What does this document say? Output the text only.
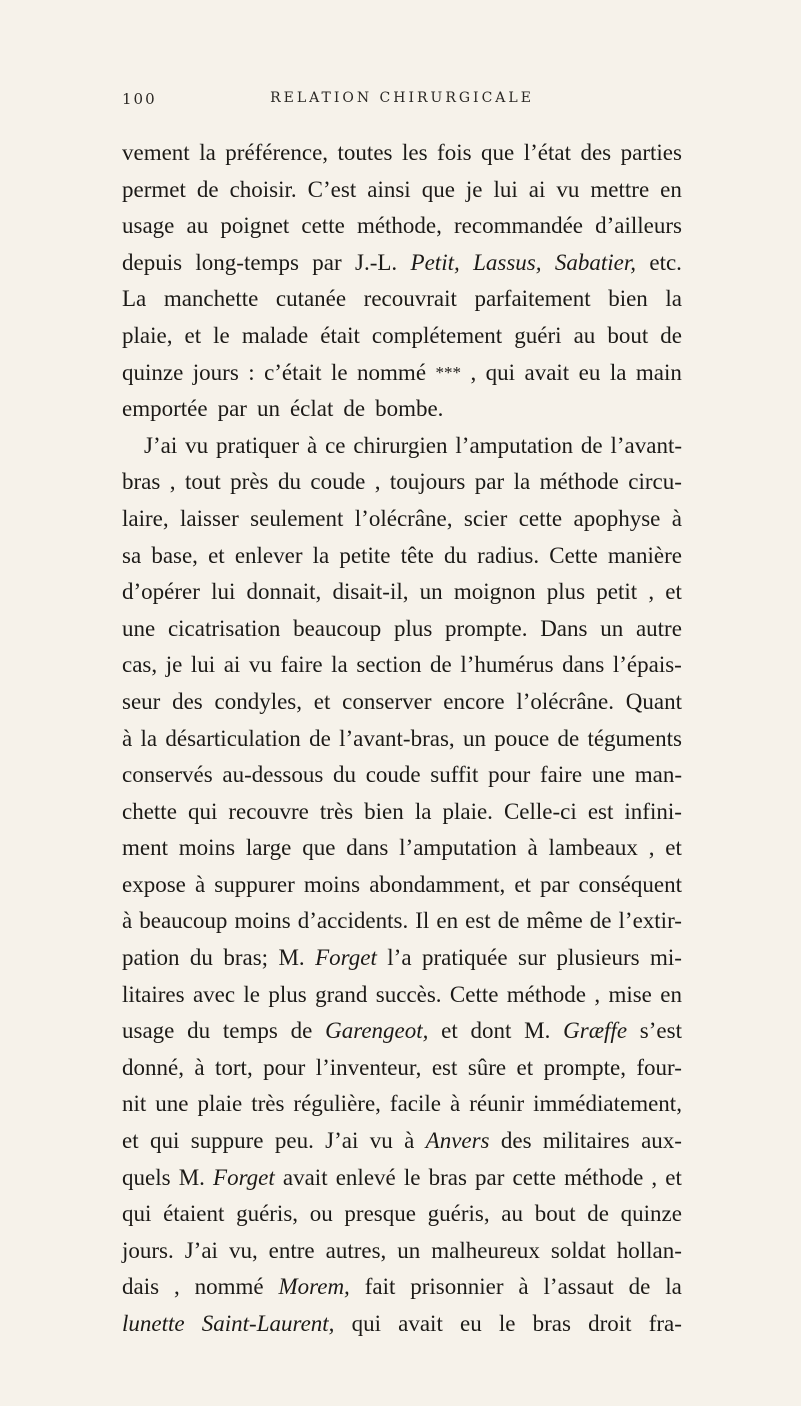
100	RELATION CHIRURGICALE
vement la préférence, toutes les fois que l’état des parties
permet de choisir. C’est ainsi que je lui ai vu mettre en
usage au poignet cette méthode, recommandée d’ailleurs
depuis long-temps par J.-L. Petit, Lassus, Sabatier, etc.
La manchette cutanée recouvrait parfaitement bien la
plaie, et le malade était complétement guéri au bout de
quinze jours : c’était le nommé *** , qui avait eu la main
emportée par un éclat de bombe.
J’ai vu pratiquer à ce chirurgien l’amputation de l’avant-
bras , tout près du coude , toujours par la méthode circu-
laire, laisser seulement l’olécrâne, scier cette apophyse à
sa base, et enlever la petite tête du radius. Cette manière
d’opérer lui donnait, disait-il, un moignon plus petit , et
une cicatrisation beaucoup plus prompte. Dans un autre
cas, je lui ai vu faire la section de l’humérus dans l’épais-
seur des condyles, et conserver encore l’olécrâne. Quant
à la désarticulation de l’avant-bras, un pouce de téguments
conservés au-dessous du coude suffit pour faire une man-
chette qui recouvre très bien la plaie. Celle-ci est infini-
ment moins large que dans l’amputation à lambeaux , et
expose à suppurer moins abondamment, et par conséquent
à beaucoup moins d’accidents. Il en est de même de l’extir-
pation du bras; M. Forget l’a pratiquée sur plusieurs mi-
litaires avec le plus grand succès. Cette méthode , mise en
usage du temps de Garengeot, et dont M. Græffe s’est
donné, à tort, pour l’inventeur, est sûre et prompte, four-
nit une plaie très régulière, facile à réunir immédiatement,
et qui suppure peu. J’ai vu à Anvers des militaires aux-
quels M. Forget avait enlevé le bras par cette méthode , et
qui étaient guéris, ou presque guéris, au bout de quinze
jours. J’ai vu, entre autres, un malheureux soldat hollan-
dais , nommé Morem, fait prisonnier à l’assaut de la
lunette Saint-Laurent, qui avait eu le bras droit fra-
